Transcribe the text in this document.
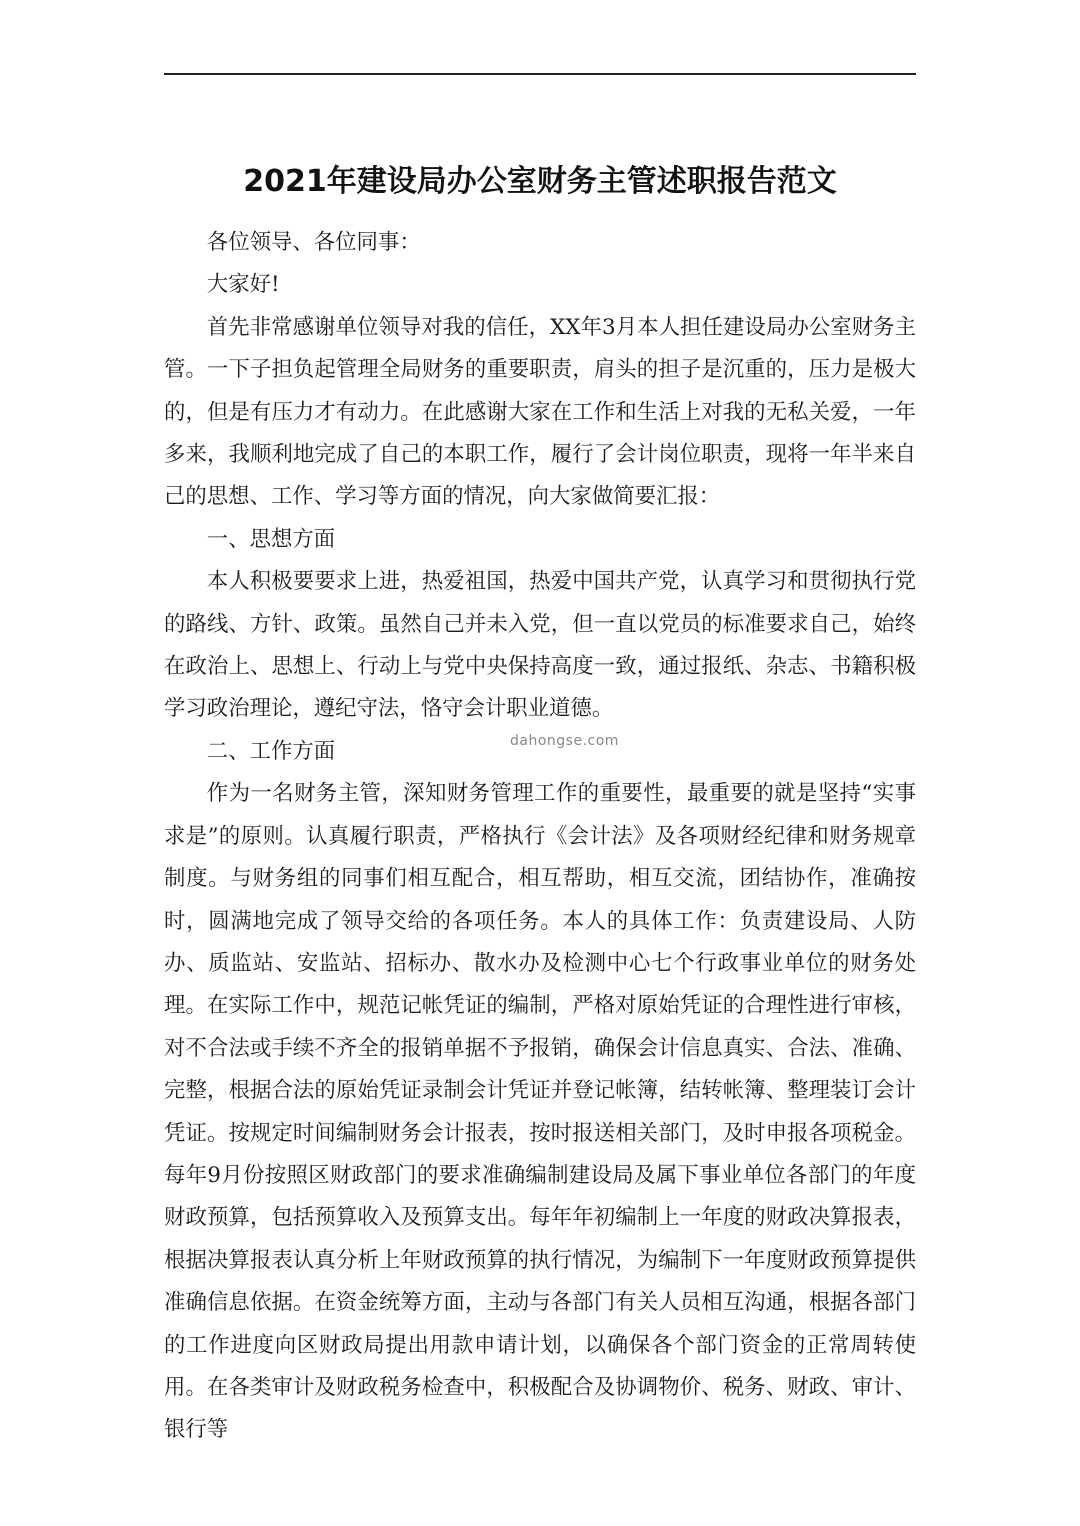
2021年建设局办公室财务主管述职报告范文

各位领导、各位同事：

大家好!

首先非常感谢单位领导对我的信任，XX年3月本人担任建设局办公室财务主管。一下子担负起管理全局财务的重要职责，肩头的担子是沉重的，压力是极大的，但是有压力才有动力。在此感谢大家在工作和生活上对我的无私关爱，一年多来，我顺利地完成了自己的本职工作，履行了会计岗位职责，现将一年半来自己的思想、工作、学习等方面的情况，向大家做简要汇报：

一、思想方面

本人积极要要求上进，热爱祖国，热爱中国共产党，认真学习和贯彻执行党的路线、方针、政策。虽然自己并未入党，但一直以党员的标准要求自己，始终在政治上、思想上、行动上与党中央保持高度一致，通过报纸、杂志、书籍积极学习政治理论，遵纪守法，恪守会计职业道德。

二、工作方面

作为一名财务主管，深知财务管理工作的重要性，最重要的就是坚持“实事求是”的原则。认真履行职责，严格执行《会计法》及各项财经纪律和财务规章制度。与财务组的同事们相互配合，相互帮助，相互交流，团结协作，准确按时，圆满地完成了领导交给的各项任务。本人的具体工作：负责建设局、人防办、质监站、安监站、招标办、散水办及检测中心七个行政事业单位的财务处理。在实际工作中，规范记帐凭证的编制，严格对原始凭证的合理性进行审核，对不合法或手续不齐全的报销单据不予报销，确保会计信息真实、合法、准确、完整，根据合法的原始凭证录制会计凭证并登记帐簿，结转帐簿、整理装订会计凭证。按规定时间编制财务会计报表，按时报送相关部门，及时申报各项税金。每年9月份按照区财政部门的要求准确编制建设局及属下事业单位各部门的年度财政预算，包括预算收入及预算支出。每年年初编制上一年度的财政决算报表，根据决算报表认真分析上年财政预算的执行情况，为编制下一年度财政预算提供准确信息依据。在资金统筹方面，主动与各部门有关人员相互沟通，根据各部门的工作进度向区财政局提出用款申请计划，以确保各个部门资金的正常周转使用。在各类审计及财政税务检查中，积极配合及协调物价、税务、财政、审计、银行等

dahongse.com
